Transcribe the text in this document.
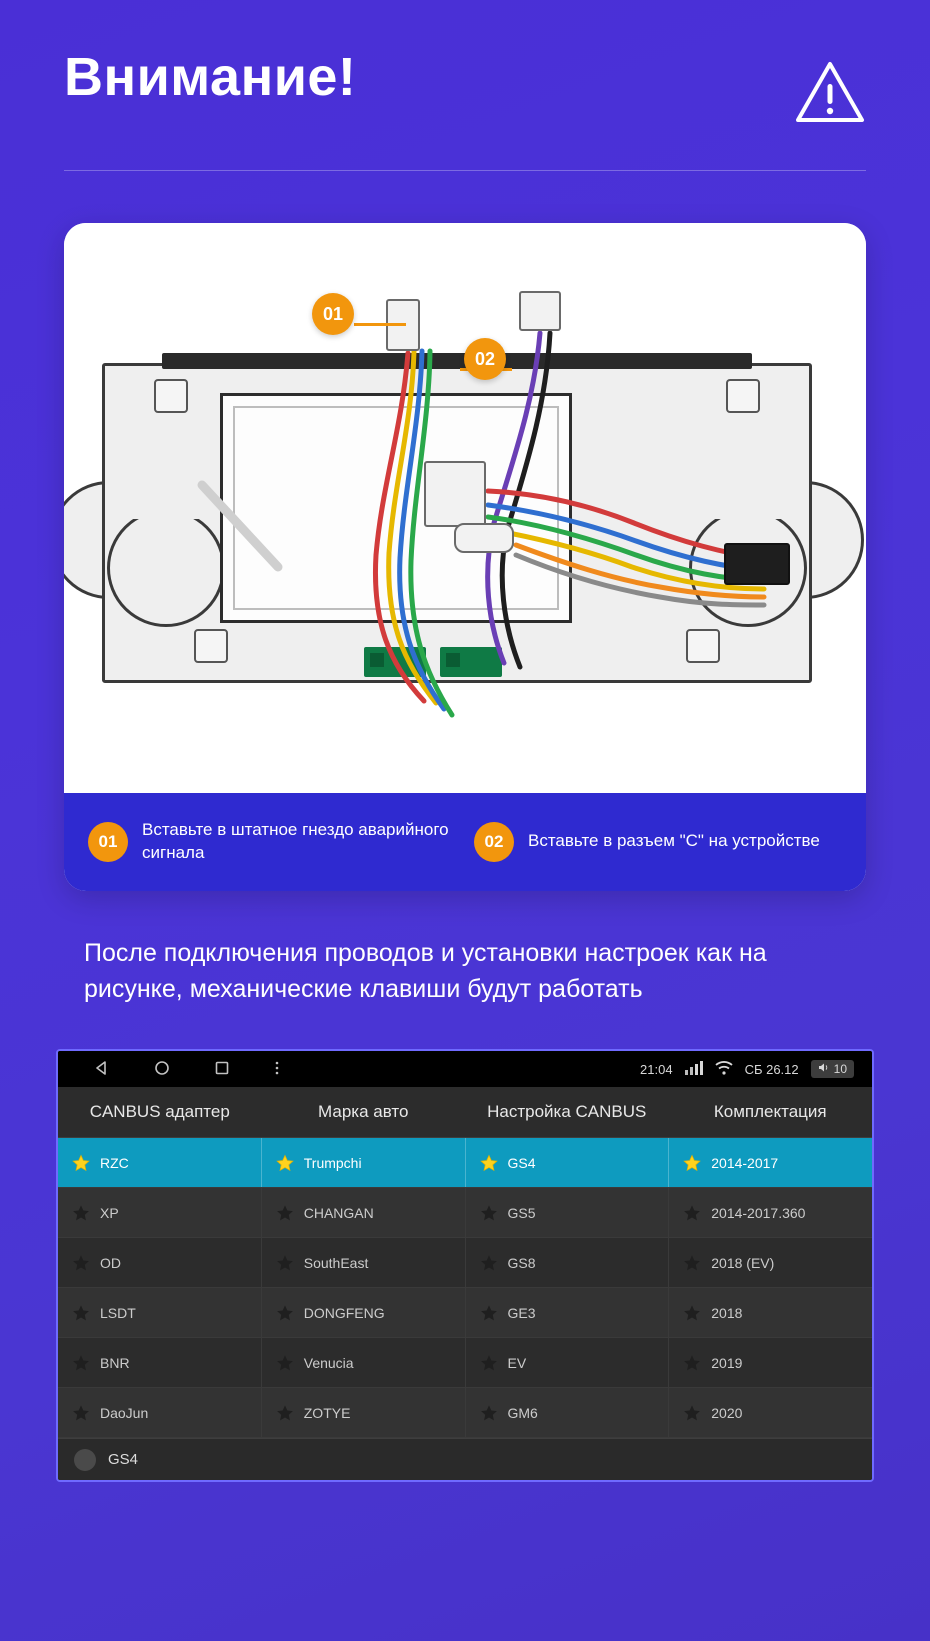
Внимание!
01
02
01
Вставьте в штатное гнездо аварийного сигнала
02	Вставьте в разъем "C" на устройстве
После подключения проводов и установки настроек как на рисунке, механические клавиши будут работать
21:04	СБ 26.12	10
CANBUS адаптер	Марка авто	Настройка CANBUS	Комплектация
RZC	Trumpchi	GS4	2014-2017
XP	CHANGAN	GS5	2014-2017.360
OD	SouthEast	GS8	2018 (EV)
LSDT	DONGFENG	GE3	2018
BNR	Venucia	EV	2019
DaoJun	ZOTYE	GM6	2020
GS4
